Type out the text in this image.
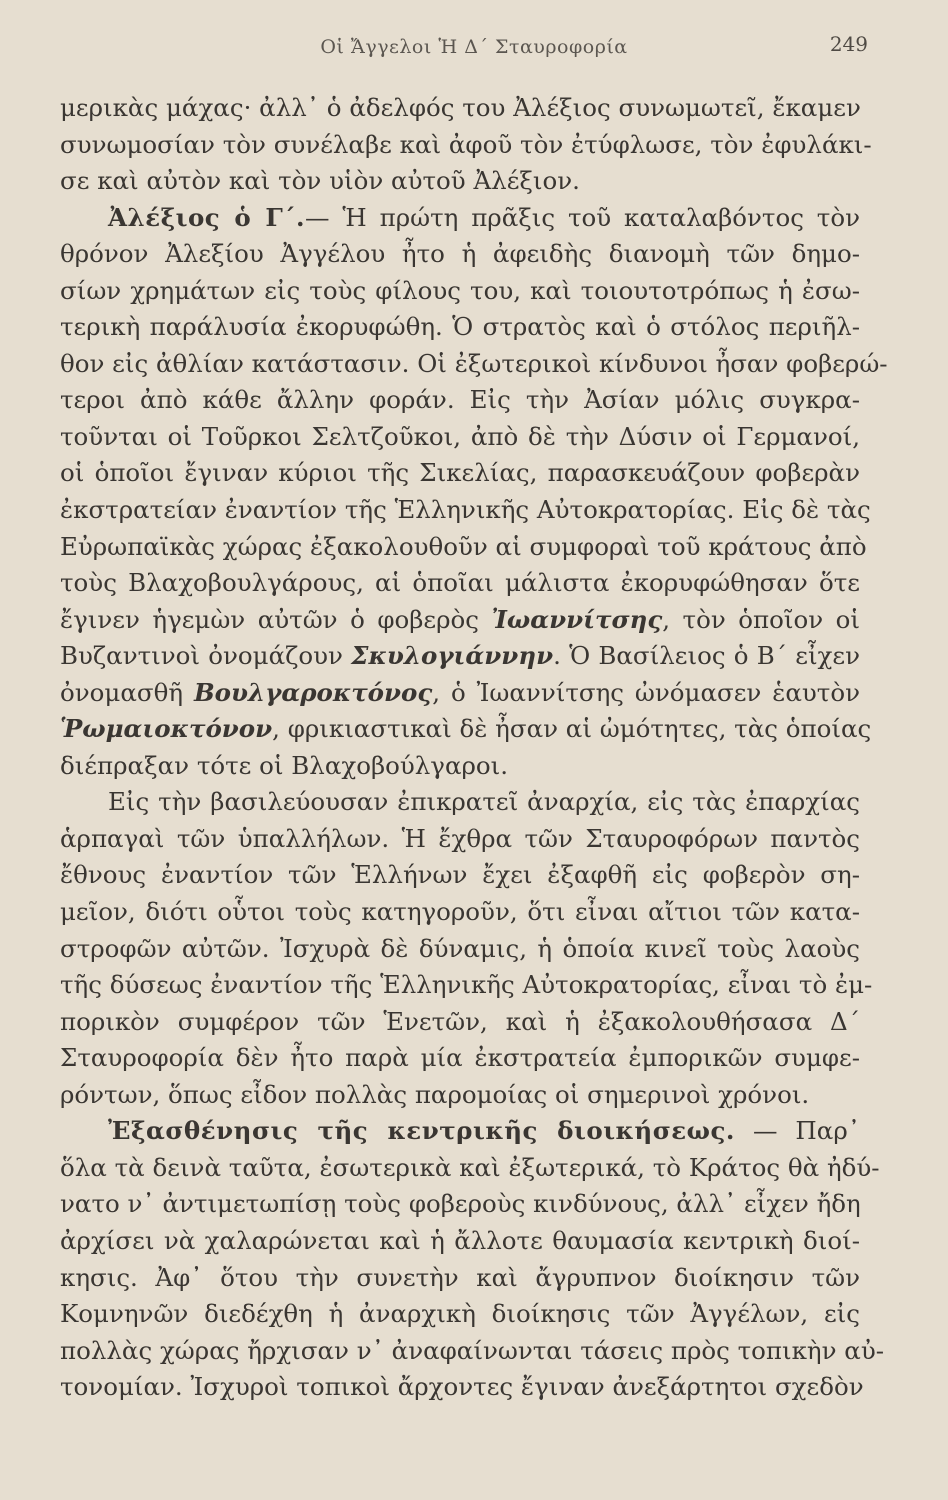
Οἱ Ἄγγελοι Ἡ Δ΄ Σταυροφορία	249

μερικὰς μάχας· ἀλλ᾽ ὁ ἀδελφός του Ἀλέξιος συνωμωτεῖ, ἔκαμεν
συνωμοσίαν τὸν συνέλαβε καὶ ἀφοῦ τὸν ἐτύφλωσε, τὸν ἐφυλάκι-
σε καὶ αὐτὸν καὶ τὸν υἱὸν αὐτοῦ Ἀλέξιον.

Ἀλέξιος ὁ Γ΄.— Ἡ πρώτη πρᾶξις τοῦ καταλαβόντος τὸν
θρόνον Ἀλεξίου Ἀγγέλου ἦτο ἡ ἀφειδὴς διανομὴ τῶν δημο-
σίων χρημάτων εἰς τοὺς φίλους του, καὶ τοιουτοτρόπως ἡ ἐσω-
τερικὴ παράλυσία ἐκορυφώθη. Ὁ στρατὸς καὶ ὁ στόλος περιῆλ-
θον εἰς ἀθλίαν κατάστασιν. Οἱ ἐξωτερικοὶ κίνδυνοι ἦσαν φοβερώ-
τεροι ἀπὸ κάθε ἄλλην φοράν. Εἰς τὴν Ἀσίαν μόλις συγκρα-
τοῦνται οἱ Τοῦρκοι Σελτζοῦκοι, ἀπὸ δὲ τὴν Δύσιν οἱ Γερμανοί,
οἱ ὁποῖοι ἔγιναν κύριοι τῆς Σικελίας, παρασκευάζουν φοβερὰν
ἐκστρατείαν ἐναντίον τῆς Ἑλληνικῆς Αὐτοκρατορίας. Εἰς δὲ τὰς
Εὐρωπαϊκὰς χώρας ἐξακολουθοῦν αἱ συμφοραὶ τοῦ κράτους ἀπὸ
τοὺς Βλαχοβουλγάρους, αἱ ὁποῖαι μάλιστα ἐκορυφώθησαν ὅτε
ἔγινεν ἡγεμὼν αὐτῶν ὁ φοβερὸς Ἰωαννίτσης, τὸν ὁποῖον οἱ
Βυζαντινοὶ ὀνομάζουν Σκυλογιάννην. Ὁ Βασίλειος ὁ Β΄ εἶχεν
ὀνομασθῆ Βουλγαροκτόνος, ὁ Ἰωαννίτσης ὠνόμασεν ἑαυτὸν
Ῥωμαιοκτόνον, φρικιαστικαὶ δὲ ἦσαν αἱ ὠμότητες, τὰς ὁποίας
διέπραξαν τότε οἱ Βλαχοβούλγαροι.

Εἰς τὴν βασιλεύουσαν ἐπικρατεῖ ἀναρχία, εἰς τὰς ἐπαρχίας
ἁρπαγαὶ τῶν ὑπαλλήλων. Ἡ ἔχθρα τῶν Σταυροφόρων παντὸς
ἔθνους ἐναντίον τῶν Ἑλλήνων ἔχει ἐξαφθῆ εἰς φοβερὸν ση-
μεῖον, διότι οὗτοι τοὺς κατηγοροῦν, ὅτι εἶναι αἴτιοι τῶν κατα-
στροφῶν αὐτῶν. Ἰσχυρὰ δὲ δύναμις, ἡ ὁποία κινεῖ τοὺς λαοὺς
τῆς δύσεως ἐναντίον τῆς Ἑλληνικῆς Αὐτοκρατορίας, εἶναι τὸ ἐμ-
πορικὸν συμφέρον τῶν Ἑνετῶν, καὶ ἡ ἐξακολουθήσασα Δ΄
Σταυροφορία δὲν ἦτο παρὰ μία ἐκστρατεία ἐμπορικῶν συμφε-
ρόντων, ὅπως εἶδον πολλὰς παρομοίας οἱ σημερινοὶ χρόνοι.

Ἐξασθένησις τῆς κεντρικῆς διοικήσεως. — Παρ᾽
ὅλα τὰ δεινὰ ταῦτα, ἐσωτερικὰ καὶ ἐξωτερικά, τὸ Κράτος θὰ ἠδύ-
νατο ν᾽ ἀντιμετωπίσῃ τοὺς φοβεροὺς κινδύνους, ἀλλ᾽ εἶχεν ἤδη
ἀρχίσει νὰ χαλαρώνεται καὶ ἡ ἄλλοτε θαυμασία κεντρικὴ διοί-
κησις. Ἀφ᾽ ὅτου τὴν συνετὴν καὶ ἄγρυπνον διοίκησιν τῶν
Κομνηνῶν διεδέχθη ἡ ἀναρχικὴ διοίκησις τῶν Ἀγγέλων, εἰς
πολλὰς χώρας ἤρχισαν ν᾽ ἀναφαίνωνται τάσεις πρὸς τοπικὴν αὐ-
τονομίαν. Ἰσχυροὶ τοπικοὶ ἄρχοντες ἔγιναν ἀνεξάρτητοι σχεδὸν
